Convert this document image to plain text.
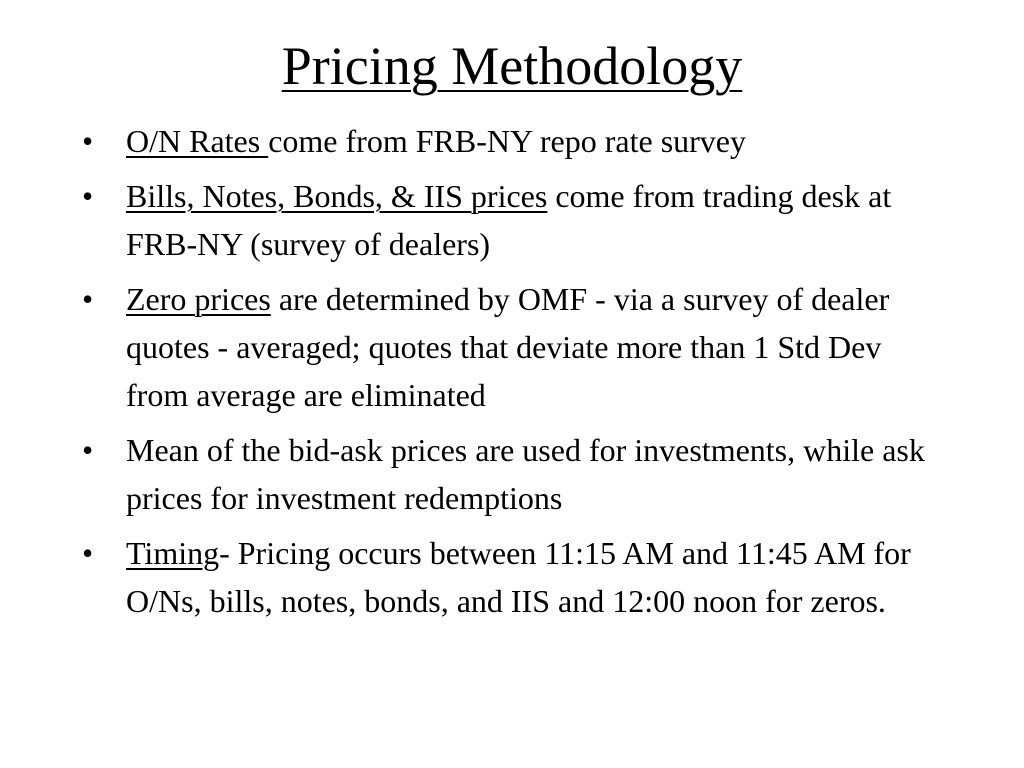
Pricing Methodology
•	O/N Rates come from FRB-NY repo rate survey
•	Bills, Notes, Bonds, & IIS prices come from trading desk at FRB-NY (survey of dealers)
•	Zero prices are determined by OMF - via a survey of dealer quotes - averaged; quotes that deviate more than 1 Std Dev from average are eliminated
•	Mean of the bid-ask prices are used for investments, while ask prices for investment redemptions
•	Timing- Pricing occurs between 11:15 AM and 11:45 AM for O/Ns, bills, notes, bonds, and IIS and 12:00 noon for zeros.
